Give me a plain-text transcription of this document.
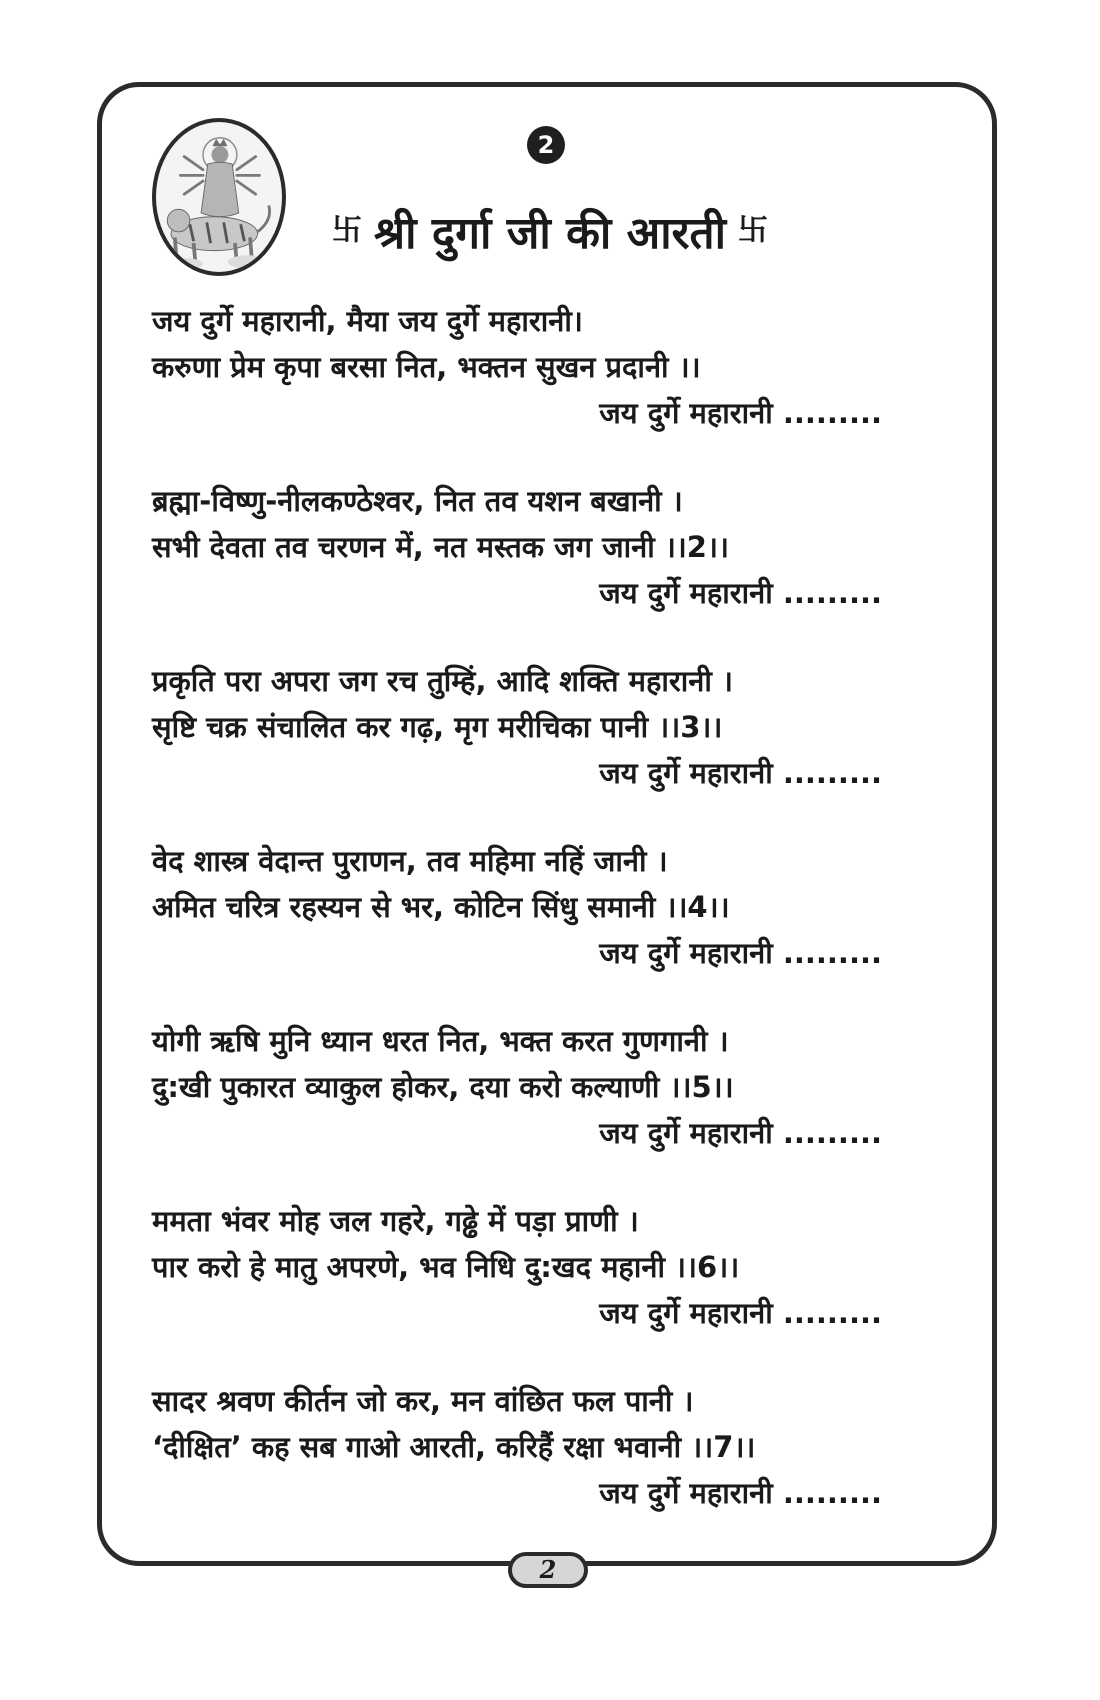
2
卐 श्री दुर्गा जी की आरती 卐
जय दुर्गे महारानी, मैया जय दुर्गे महारानी।
करुणा प्रेम कृपा बरसा नित, भक्तन सुखन प्रदानी ।।
जय दुर्गे महारानी .........
ब्रह्मा-विष्णु-नीलकण्ठेश्वर, नित तव यशन बखानी ।
सभी देवता तव चरणन में, नत मस्तक जग जानी ।।2।।
जय दुर्गे महारानी .........
प्रकृति परा अपरा जग रच तुम्हिं, आदि शक्ति महारानी ।
सृष्टि चक्र संचालित कर गढ़, मृग मरीचिका पानी ।।3।।
जय दुर्गे महारानी .........
वेद शास्त्र वेदान्त पुराणन, तव महिमा नहिं जानी ।
अमित चरित्र रहस्यन से भर, कोटिन सिंधु समानी ।।4।।
जय दुर्गे महारानी .........
योगी ऋषि मुनि ध्यान धरत नित, भक्त करत गुणगानी ।
दु:खी पुकारत व्याकुल होकर, दया करो कल्याणी ।।5।।
जय दुर्गे महारानी .........
ममता भंवर मोह जल गहरे, गढ्ढे में पड़ा प्राणी ।
पार करो हे मातु अपरणे, भव निधि दु:खद महानी ।।6।।
जय दुर्गे महारानी .........
सादर श्रवण कीर्तन जो कर, मन वांछित फल पानी ।
‘दीक्षित’ कह सब गाओ आरती, करिहैं रक्षा भवानी ।।7।।
जय दुर्गे महारानी .........
2
